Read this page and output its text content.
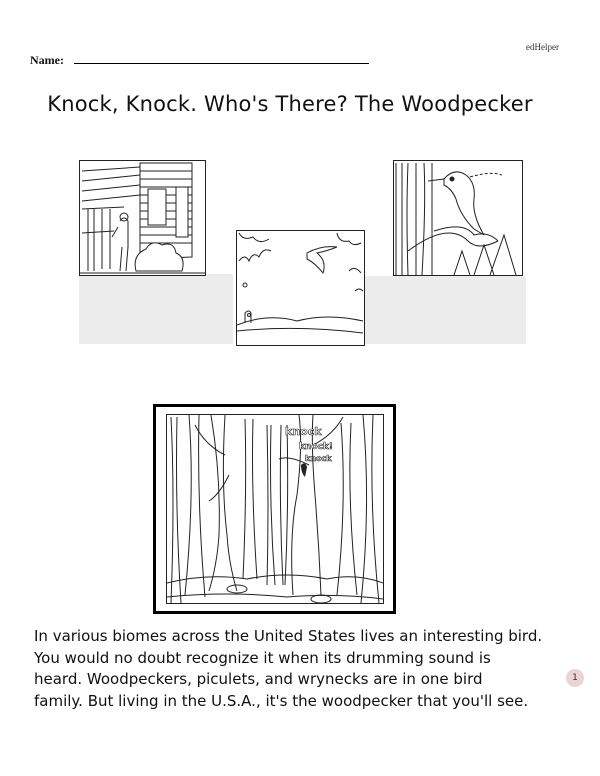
edHelper
Name:
Knock, Knock. Who's There? The Woodpecker
knock
knock!
knock
In various biomes across the United States lives an interesting bird.
You would no doubt recognize it when its drumming sound is
heard. Woodpeckers, piculets, and wrynecks are in one bird
family. But living in the U.S.A., it's the woodpecker that you'll see.
1
